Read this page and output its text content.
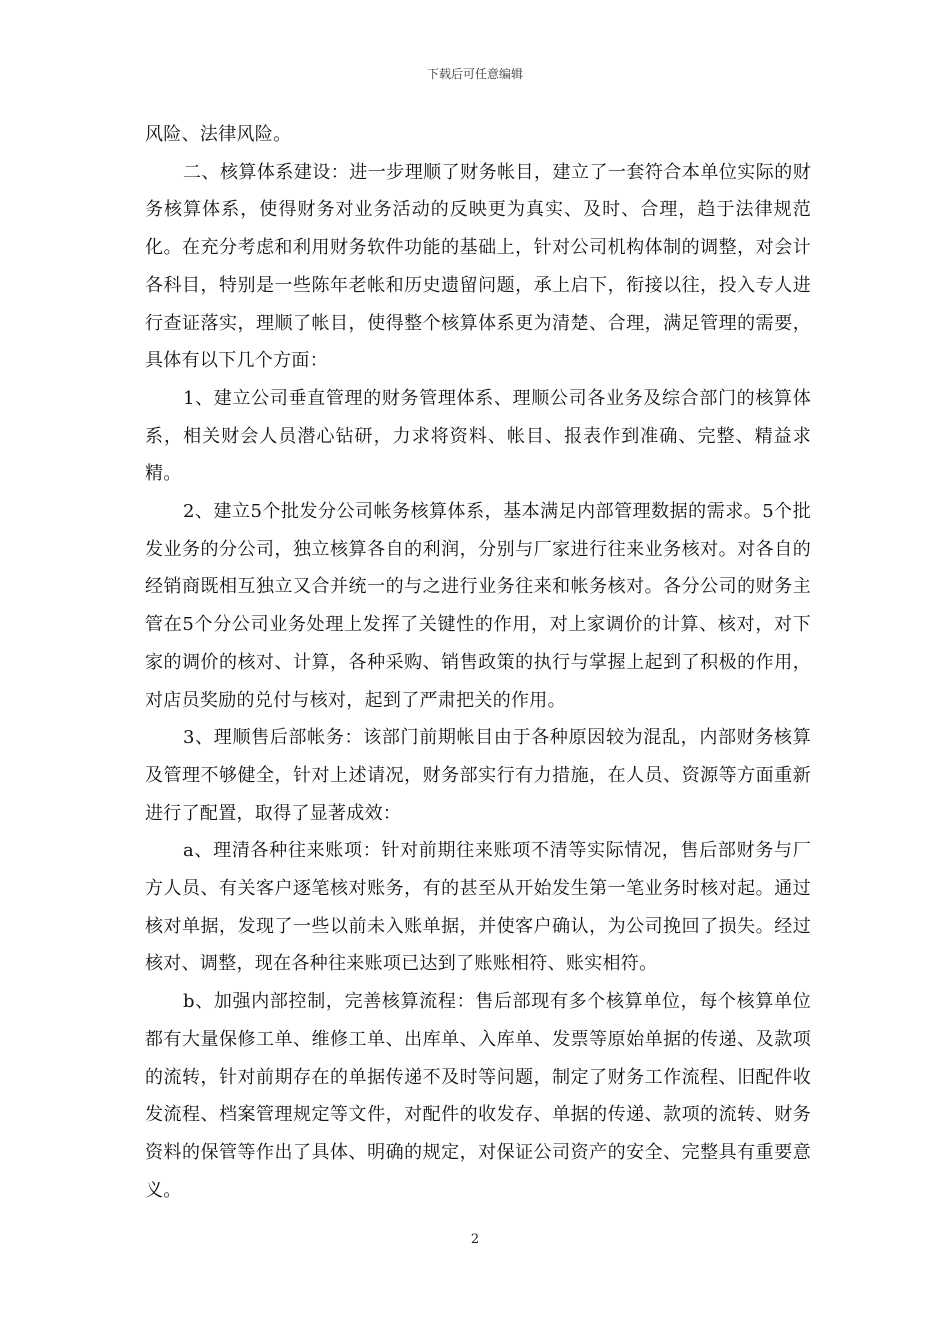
下载后可任意编辑

风险、法律风险。

二、核算体系建设：进一步理顺了财务帐目，建立了一套符合本单位实际的财务核算体系，使得财务对业务活动的反映更为真实、及时、合理，趋于法律规范化。在充分考虑和利用财务软件功能的基础上，针对公司机构体制的调整，对会计各科目，特别是一些陈年老帐和历史遗留问题，承上启下，衔接以往，投入专人进行查证落实，理顺了帐目，使得整个核算体系更为清楚、合理，满足管理的需要，具体有以下几个方面：

1、建立公司垂直管理的财务管理体系、理顺公司各业务及综合部门的核算体系，相关财会人员潜心钻研，力求将资料、帐目、报表作到准确、完整、精益求精。

2、建立5个批发分公司帐务核算体系，基本满足内部管理数据的需求。5个批发业务的分公司，独立核算各自的利润，分别与厂家进行往来业务核对。对各自的经销商既相互独立又合并统一的与之进行业务往来和帐务核对。各分公司的财务主管在5个分公司业务处理上发挥了关键性的作用，对上家调价的计算、核对，对下家的调价的核对、计算，各种采购、销售政策的执行与掌握上起到了积极的作用，对店员奖励的兑付与核对，起到了严肃把关的作用。

3、理顺售后部帐务：该部门前期帐目由于各种原因较为混乱，内部财务核算及管理不够健全，针对上述请况，财务部实行有力措施，在人员、资源等方面重新进行了配置，取得了显著成效：

a、理清各种往来账项：针对前期往来账项不清等实际情况，售后部财务与厂方人员、有关客户逐笔核对账务，有的甚至从开始发生第一笔业务时核对起。通过核对单据，发现了一些以前未入账单据，并使客户确认，为公司挽回了损失。经过核对、调整，现在各种往来账项已达到了账账相符、账实相符。

b、加强内部控制，完善核算流程：售后部现有多个核算单位，每个核算单位都有大量保修工单、维修工单、出库单、入库单、发票等原始单据的传递、及款项的流转，针对前期存在的单据传递不及时等问题，制定了财务工作流程、旧配件收发流程、档案管理规定等文件，对配件的收发存、单据的传递、款项的流转、财务资料的保管等作出了具体、明确的规定，对保证公司资产的安全、完整具有重要意义。

2
